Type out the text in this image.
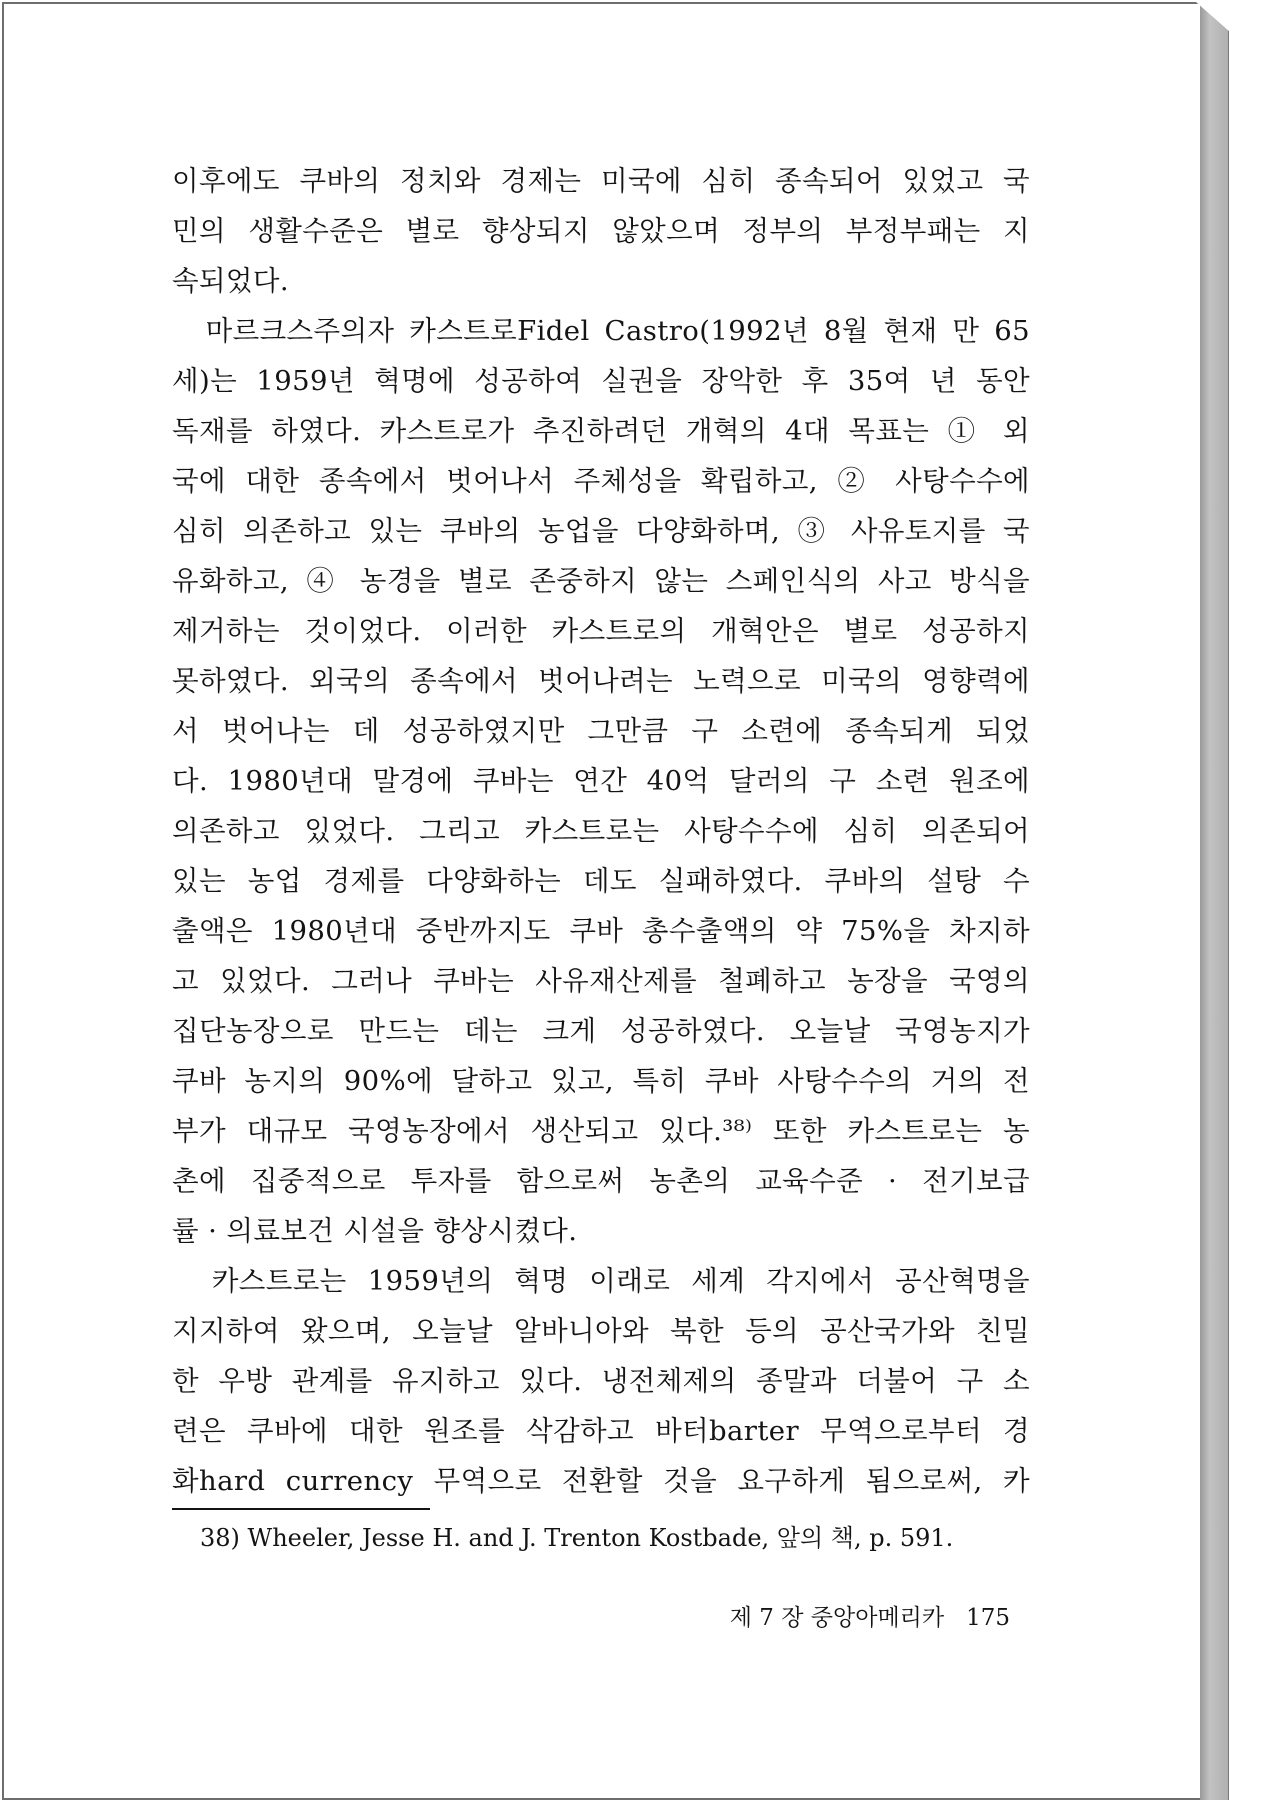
이후에도 쿠바의 정치와 경제는 미국에 심히 종속되어 있었고 국
민의 생활수준은 별로 향상되지 않았으며 정부의 부정부패는 지
속되었다.
　마르크스주의자 카스트로Fidel Castro(1992년 8월 현재 만 65
세)는 1959년 혁명에 성공하여 실권을 장악한 후 35여 년 동안
독재를 하였다. 카스트로가 추진하려던 개혁의 4대 목표는 ① 외
국에 대한 종속에서 벗어나서 주체성을 확립하고, ② 사탕수수에
심히 의존하고 있는 쿠바의 농업을 다양화하며, ③ 사유토지를 국
유화하고, ④ 농경을 별로 존중하지 않는 스페인식의 사고 방식을
제거하는 것이었다. 이러한 카스트로의 개혁안은 별로 성공하지
못하였다. 외국의 종속에서 벗어나려는 노력으로 미국의 영향력에
서 벗어나는 데 성공하였지만 그만큼 구 소련에 종속되게 되었
다. 1980년대 말경에 쿠바는 연간 40억 달러의 구 소련 원조에
의존하고 있었다. 그리고 카스트로는 사탕수수에 심히 의존되어
있는 농업 경제를 다양화하는 데도 실패하였다. 쿠바의 설탕 수
출액은 1980년대 중반까지도 쿠바 총수출액의 약 75%을 차지하
고 있었다. 그러나 쿠바는 사유재산제를 철폐하고 농장을 국영의
집단농장으로 만드는 데는 크게 성공하였다. 오늘날 국영농지가
쿠바 농지의 90%에 달하고 있고, 특히 쿠바 사탕수수의 거의 전
부가 대규모 국영농장에서 생산되고 있다.³⁸⁾ 또한 카스트로는 농
촌에 집중적으로 투자를 함으로써 농촌의 교육수준 · 전기보급
률 · 의료보건 시설을 향상시켰다.
　카스트로는 1959년의 혁명 이래로 세계 각지에서 공산혁명을
지지하여 왔으며, 오늘날 알바니아와 북한 등의 공산국가와 친밀
한 우방 관계를 유지하고 있다. 냉전체제의 종말과 더불어 구 소
련은 쿠바에 대한 원조를 삭감하고 바터barter 무역으로부터 경
화hard currency 무역으로 전환할 것을 요구하게 됨으로써, 카
38) Wheeler, Jesse H. and J. Trenton Kostbade, 앞의 책, p. 591.
제 7 장 중앙아메리카 175
